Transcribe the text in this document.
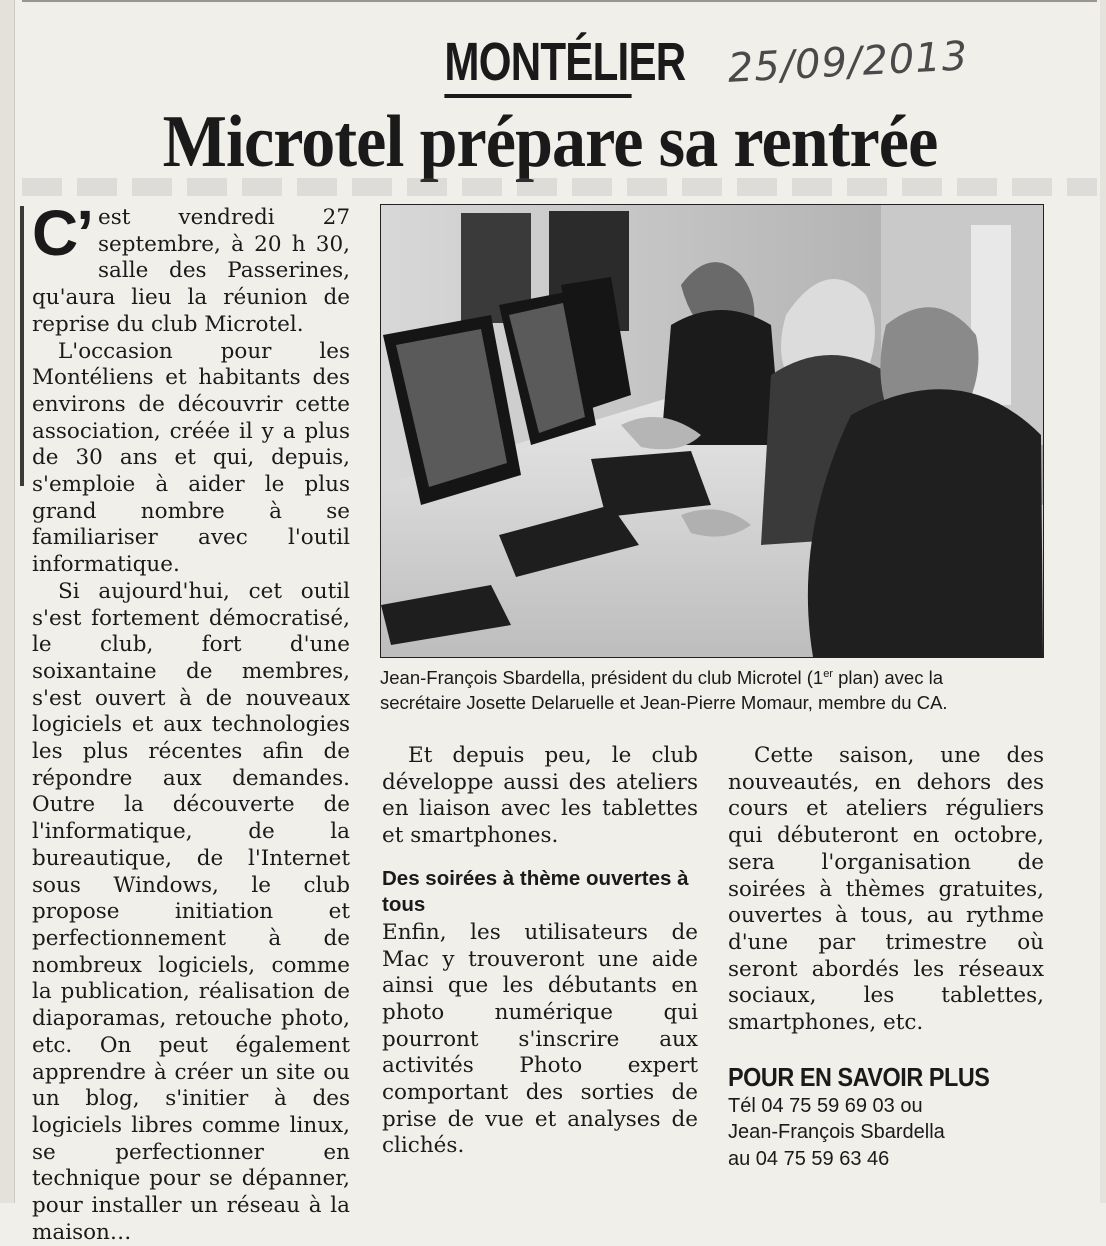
MONTÉLIER 25/09/2013
Microtel prépare sa rentrée

C’ est vendredi 27 septembre, à 20 h 30, salle des Passerines, qu'aura lieu la réunion de reprise du club Microtel.

L'occasion pour les Montéliens et habitants des environs de découvrir cette association, créée il y a plus de 30 ans et qui, depuis, s'emploie à aider le plus grand nombre à se familiariser avec l'outil informatique.

Si aujourd'hui, cet outil s'est fortement démocratisé, le club, fort d'une soixantaine de membres, s'est ouvert à de nouveaux logiciels et aux technologies les plus récentes afin de répondre aux demandes. Outre la découverte de l'informatique, de la bureautique, de l'Internet sous Windows, le club propose initiation et perfectionnement à de nombreux logiciels, comme la publication, réalisation de diaporamas, retouche photo, etc. On peut également apprendre à créer un site ou un blog, s'initier à des logiciels libres comme linux, se perfectionner en technique pour se dépanner, pour installer un réseau à la maison…

Jean-François Sbardella, président du club Microtel (1er plan) avec la secrétaire Josette Delaruelle et Jean-Pierre Momaur, membre du CA.

Et depuis peu, le club développe aussi des ateliers en liaison avec les tablettes et smartphones.

Des soirées à thème ouvertes à tous

Enfin, les utilisateurs de Mac y trouveront une aide ainsi que les débutants en photo numérique qui pourront s'inscrire aux activités Photo expert comportant des sorties de prise de vue et analyses de clichés.

Cette saison, une des nouveautés, en dehors des cours et ateliers réguliers qui débuteront en octobre, sera l'organisation de soirées à thèmes gratuites, ouvertes à tous, au rythme d'une par trimestre où seront abordés les réseaux sociaux, les tablettes, smartphones, etc.

POUR EN SAVOIR PLUS
Tél 04 75 59 69 03 ou
Jean-François Sbardella
au 04 75 59 63 46
